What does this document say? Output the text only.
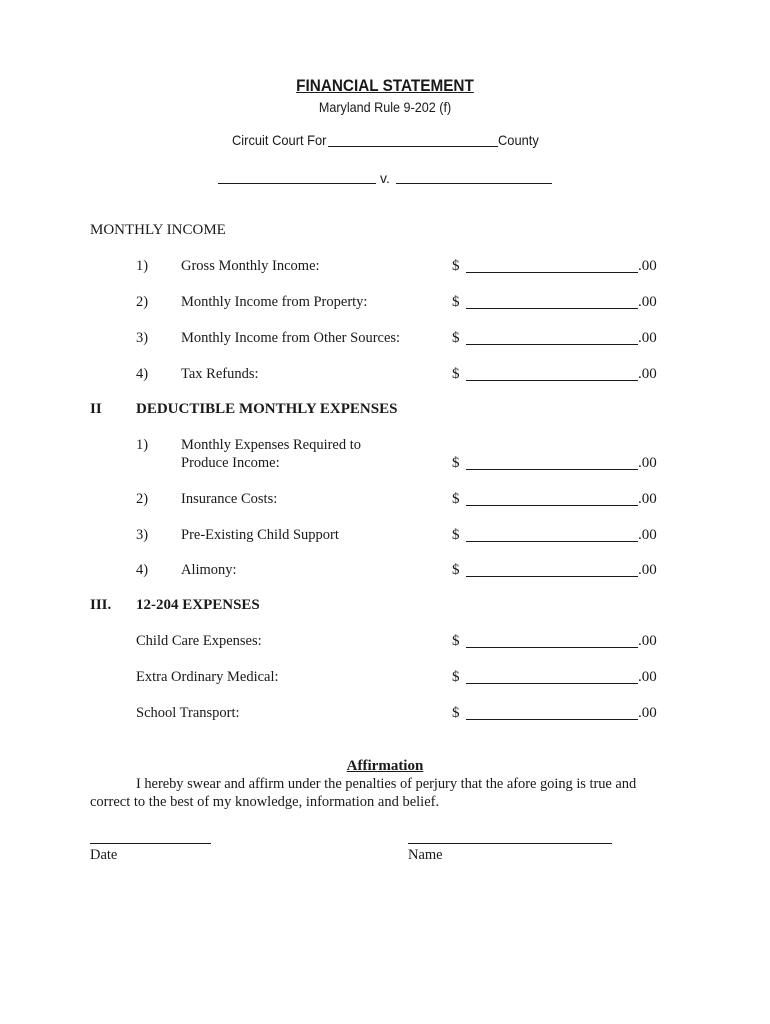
FINANCIAL STATEMENT
Maryland Rule 9-202 (f)
Circuit Court For	County
v.
MONTHLY INCOME
1) Gross Monthly Income:	$	.00
2) Monthly Income from Property:	$	.00
3) Monthly Income from Other Sources:	$	.00
4) Tax Refunds:	$	.00
II DEDUCTIBLE MONTHLY EXPENSES
1) Monthly Expenses Required to
Produce Income:	$	.00
2) Insurance Costs:	$	.00
3) Pre-Existing Child Support	$	.00
4) Alimony:	$	.00
III. 12-204 EXPENSES
Child Care Expenses:	$	.00
Extra Ordinary Medical:	$	.00
School Transport:	$	.00
Affirmation
I hereby swear and affirm under the penalties of perjury that the afore going is true and
correct to the best of my knowledge, information and belief.
Date	Name
